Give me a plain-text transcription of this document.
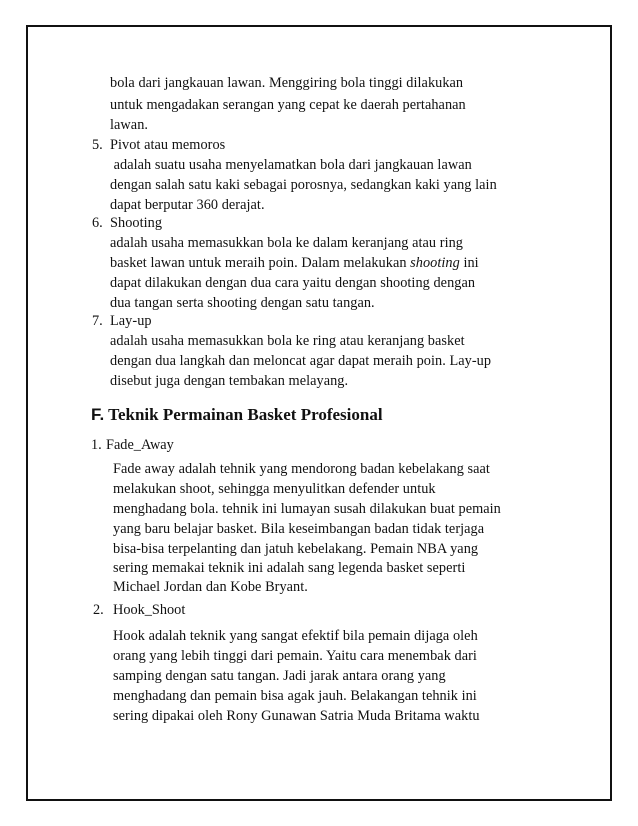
bola dari jangkauan lawan. Menggiring bola tinggi dilakukan
untuk mengadakan serangan yang cepat ke daerah pertahanan
lawan.
5. Pivot atau memoros
adalah suatu usaha menyelamatkan bola dari jangkauan lawan
dengan salah satu kaki sebagai porosnya, sedangkan kaki yang lain
dapat berputar 360 derajat.
6. Shooting
adalah usaha memasukkan bola ke dalam keranjang atau ring
basket lawan untuk meraih poin. Dalam melakukan shooting ini
dapat dilakukan dengan dua cara yaitu dengan shooting dengan
dua tangan serta shooting dengan satu tangan.
7. Lay-up
adalah usaha memasukkan bola ke ring atau keranjang basket
dengan dua langkah dan meloncat agar dapat meraih poin. Lay-up
disebut juga dengan tembakan melayang.
F. Teknik Permainan Basket Profesional
1. Fade_Away
Fade away adalah tehnik yang mendorong badan kebelakang saat
melakukan shoot, sehingga menyulitkan defender untuk
menghadang bola. tehnik ini lumayan susah dilakukan buat pemain
yang baru belajar basket. Bila keseimbangan badan tidak terjaga
bisa-bisa terpelanting dan jatuh kebelakang. Pemain NBA yang
sering memakai teknik ini adalah sang legenda basket seperti
Michael Jordan dan Kobe Bryant.
2. Hook_Shoot
Hook adalah teknik yang sangat efektif bila pemain dijaga oleh
orang yang lebih tinggi dari pemain. Yaitu cara menembak dari
samping dengan satu tangan. Jadi jarak antara orang yang
menghadang dan pemain bisa agak jauh. Belakangan tehnik ini
sering dipakai oleh Rony Gunawan Satria Muda Britama waktu
